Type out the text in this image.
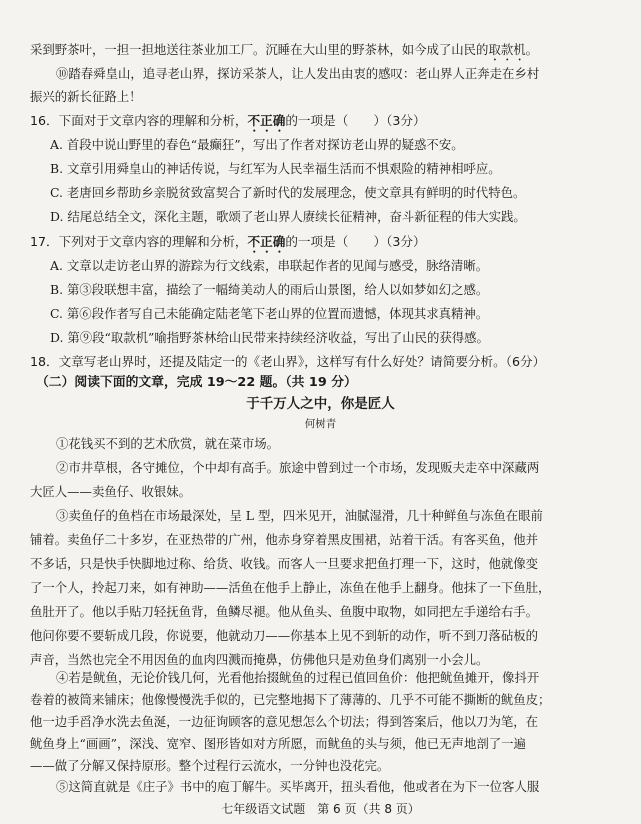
采到野茶叶，一担一担地送往茶业加工厂。沉睡在大山里的野茶林，如今成了山民的取款机。
⑩踏春舜皇山，追寻老山界，探访采茶人，让人发出由衷的感叹：老山界人正奔走在乡村
振兴的新长征路上！
16．下面对于文章内容的理解和分析，不正确的一项是（　　）（3分）
A. 首段中说山野里的春色“最癫狂”，写出了作者对探访老山界的疑惑不安。
B. 文章引用舜皇山的神话传说，与红军为人民幸福生活而不惧艰险的精神相呼应。
C. 老唐回乡帮助乡亲脱贫致富契合了新时代的发展理念，使文章具有鲜明的时代特色。
D. 结尾总结全文，深化主题，歌颂了老山界人赓续长征精神，奋斗新征程的伟大实践。
17．下列对于文章内容的理解和分析，不正确的一项是（　　）（3分）
A. 文章以走访老山界的游踪为行文线索，串联起作者的见闻与感受，脉络清晰。
B. 第③段联想丰富，描绘了一幅绮美动人的雨后山景图，给人以如梦如幻之感。
C. 第⑥段作者写自己未能确定陆老笔下老山界的位置而遗憾，体现其求真精神。
D. 第⑨段“取款机”喻指野茶林给山民带来持续经济收益，写出了山民的获得感。
18．文章写老山界时，还提及陆定一的《老山界》，这样写有什么好处？请简要分析。（6分）
（二）阅读下面的文章，完成 19～22 题。（共 19 分）
于千万人之中，你是匠人
何树青
①花钱买不到的艺术欣赏，就在菜市场。
②市井草根，各守摊位，个中却有高手。旅途中曾到过一个市场，发现贩夫走卒中深藏两
大匠人——卖鱼仔、收银妹。
③卖鱼仔的鱼档在市场最深处，呈 L 型，四米见开，油腻湿滑，几十种鲜鱼与冻鱼在眼前
铺着。卖鱼仔二十多岁，在亚热带的广州，他赤身穿着黑皮围裙，站着干活。有客买鱼，他并
不多话，只是快手快脚地过称、给货、收钱。而客人一旦要求把鱼打理一下，这时，他就像变
了一个人，拎起刀来，如有神助——活鱼在他手上静止，冻鱼在他手上翻身。他抹了一下鱼肚，
鱼肚开了。他以手贴刀轻抚鱼背，鱼鳞尽褪。他从鱼头、鱼腹中取物，如同把左手递给右手。
他问你要不要斩成几段，你说要，他就动刀——你基本上见不到斩的动作，听不到刀落砧板的
声音，当然也完全不用因鱼的血肉四溅而掩鼻，仿佛他只是劝鱼身们离别一小会儿。
④若是鱿鱼，无论价钱几何，光看他抬掇鱿鱼的过程已值回鱼价：他把鱿鱼摊开，像抖开
卷着的被筒来铺床；他像慢慢洗手似的，已完整地揭下了薄薄的、几乎不可能不撕断的鱿鱼皮；
他一边手舀净水洗去鱼涎，一边征询顾客的意见想怎么个切法；得到答案后，他以刀为笔，在
鱿鱼身上“画画”，深浅、宽窄、图形皆如对方所愿，而鱿鱼的头与须，他已无声地剖了一遍
——做了分解又保持原形。整个过程行云流水，一分钟也没花完。
⑤这简直就是《庄子》书中的庖丁解牛。买毕离开，扭头看他，他或者在为下一位客人服
七年级语文试题　第 6 页（共 8 页）
